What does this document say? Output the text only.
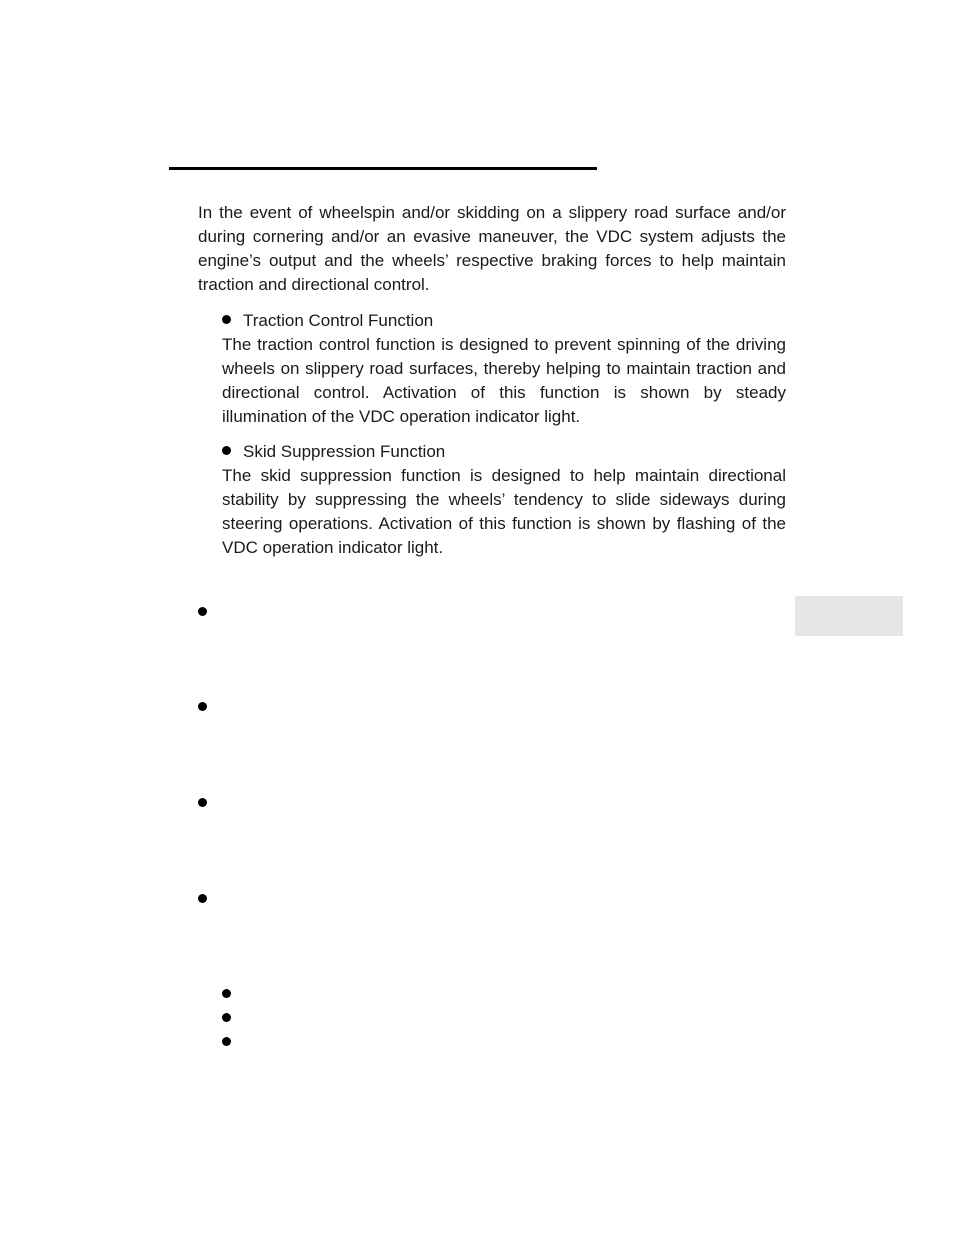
In the event of wheelspin and/or skidding on a slippery road surface and/or during cornering and/or an evasive maneuver, the VDC system adjusts the engine’s output and the wheels’ respective braking forces to help maintain traction and directional control.

Traction Control Function

The traction control function is designed to prevent spinning of the driving wheels on slippery road surfaces, thereby helping to maintain traction and directional control. Activation of this function is shown by steady illumination of the VDC operation indicator light.

Skid Suppression Function

The skid suppression function is designed to help maintain directional stability by suppressing the wheels’ tendency to slide sideways during steering operations. Activation of this function is shown by flashing of the VDC operation indicator light.
